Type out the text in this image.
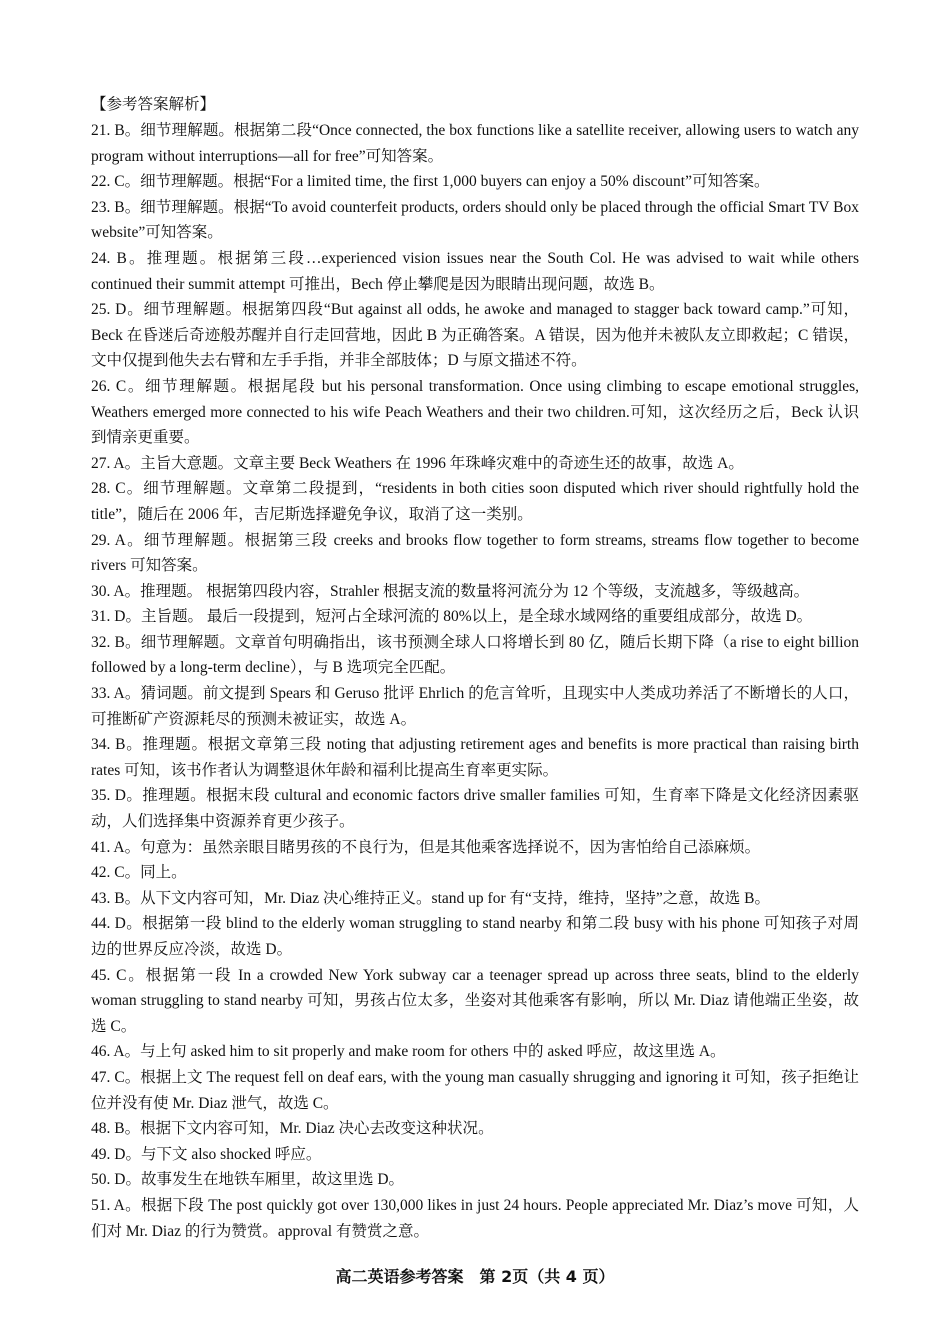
【参考答案解析】

21. B。细节理解题。根据第二段“Once connected, the box functions like a satellite receiver, allowing users to watch any program without interruptions—all for free”可知答案。

22. C。细节理解题。根据“For a limited time, the first 1,000 buyers can enjoy a 50% discount”可知答案。

23. B。细节理解题。根据“To avoid counterfeit products, orders should only be placed through the official Smart TV Box website”可知答案。

24. B。推理题。根据第三段…experienced vision issues near the South Col. He was advised to wait while others continued their summit attempt 可推出，Bech 停止攀爬是因为眼睛出现问题，故选 B。

25. D。细节理解题。根据第四段“But against all odds, he awoke and managed to stagger back toward camp.”可知，Beck 在昏迷后奇迹般苏醒并自行走回营地，因此 B 为正确答案。A 错误，因为他并未被队友立即救起；C 错误，文中仅提到他失去右臂和左手手指，并非全部肢体；D 与原文描述不符。

26. C。细节理解题。根据尾段 but his personal transformation. Once using climbing to escape emotional struggles, Weathers emerged more connected to his wife Peach Weathers and their two children.可知，这次经历之后，Beck 认识到情亲更重要。

27. A。主旨大意题。文章主要 Beck Weathers 在 1996 年珠峰灾难中的奇迹生还的故事，故选 A。

28. C。细节理解题。文章第二段提到，“residents in both cities soon disputed which river should rightfully hold the title”，随后在 2006 年，吉尼斯选择避免争议，取消了这一类别。

29. A。细节理解题。根据第三段 creeks and brooks flow together to form streams, streams flow together to become rivers 可知答案。

30. A。推理题。 根据第四段内容，Strahler 根据支流的数量将河流分为 12 个等级，支流越多，等级越高。

31. D。主旨题。 最后一段提到，短河占全球河流的 80%以上，是全球水域网络的重要组成部分，故选 D。

32. B。细节理解题。文章首句明确指出，该书预测全球人口将增长到 80 亿，随后长期下降（a rise to eight billion followed by a long-term decline），与 B 选项完全匹配。

33. A。猜词题。前文提到 Spears 和 Geruso 批评 Ehrlich 的危言耸听，且现实中人类成功养活了不断增长的人口，可推断矿产资源耗尽的预测未被证实，故选 A。

34. B。推理题。根据文章第三段 noting that adjusting retirement ages and benefits is more practical than raising birth rates 可知，该书作者认为调整退休年龄和福利比提高生育率更实际。

35. D。推理题。根据末段 cultural and economic factors drive smaller families 可知，生育率下降是文化经济因素驱动，人们选择集中资源养育更少孩子。

41. A。句意为：虽然亲眼目睹男孩的不良行为，但是其他乘客选择说不，因为害怕给自己添麻烦。

42. C。同上。

43. B。从下文内容可知，Mr. Diaz 决心维持正义。stand up for 有“支持，维持，坚持”之意，故选 B。

44. D。根据第一段 blind to the elderly woman struggling to stand nearby 和第二段 busy with his phone 可知孩子对周边的世界反应冷淡，故选 D。

45. C。根据第一段 In a crowded New York subway car a teenager spread up across three seats, blind to the elderly woman struggling to stand nearby 可知，男孩占位太多，坐姿对其他乘客有影响，所以 Mr. Diaz 请他端正坐姿，故选 C。

46. A。与上句 asked him to sit properly and make room for others 中的 asked 呼应，故这里选 A。

47. C。根据上文 The request fell on deaf ears, with the young man casually shrugging and ignoring it 可知，孩子拒绝让位并没有使 Mr. Diaz 泄气，故选 C。

48. B。根据下文内容可知，Mr. Diaz 决心去改变这种状况。

49. D。与下文 also shocked 呼应。

50. D。故事发生在地铁车厢里，故这里选 D。

51. A。根据下段 The post quickly got over 130,000 likes in just 24 hours. People appreciated Mr. Diaz’s move 可知，人们对 Mr. Diaz 的行为赞赏。approval 有赞赏之意。

高二英语参考答案　第 2页（共 4 页）
